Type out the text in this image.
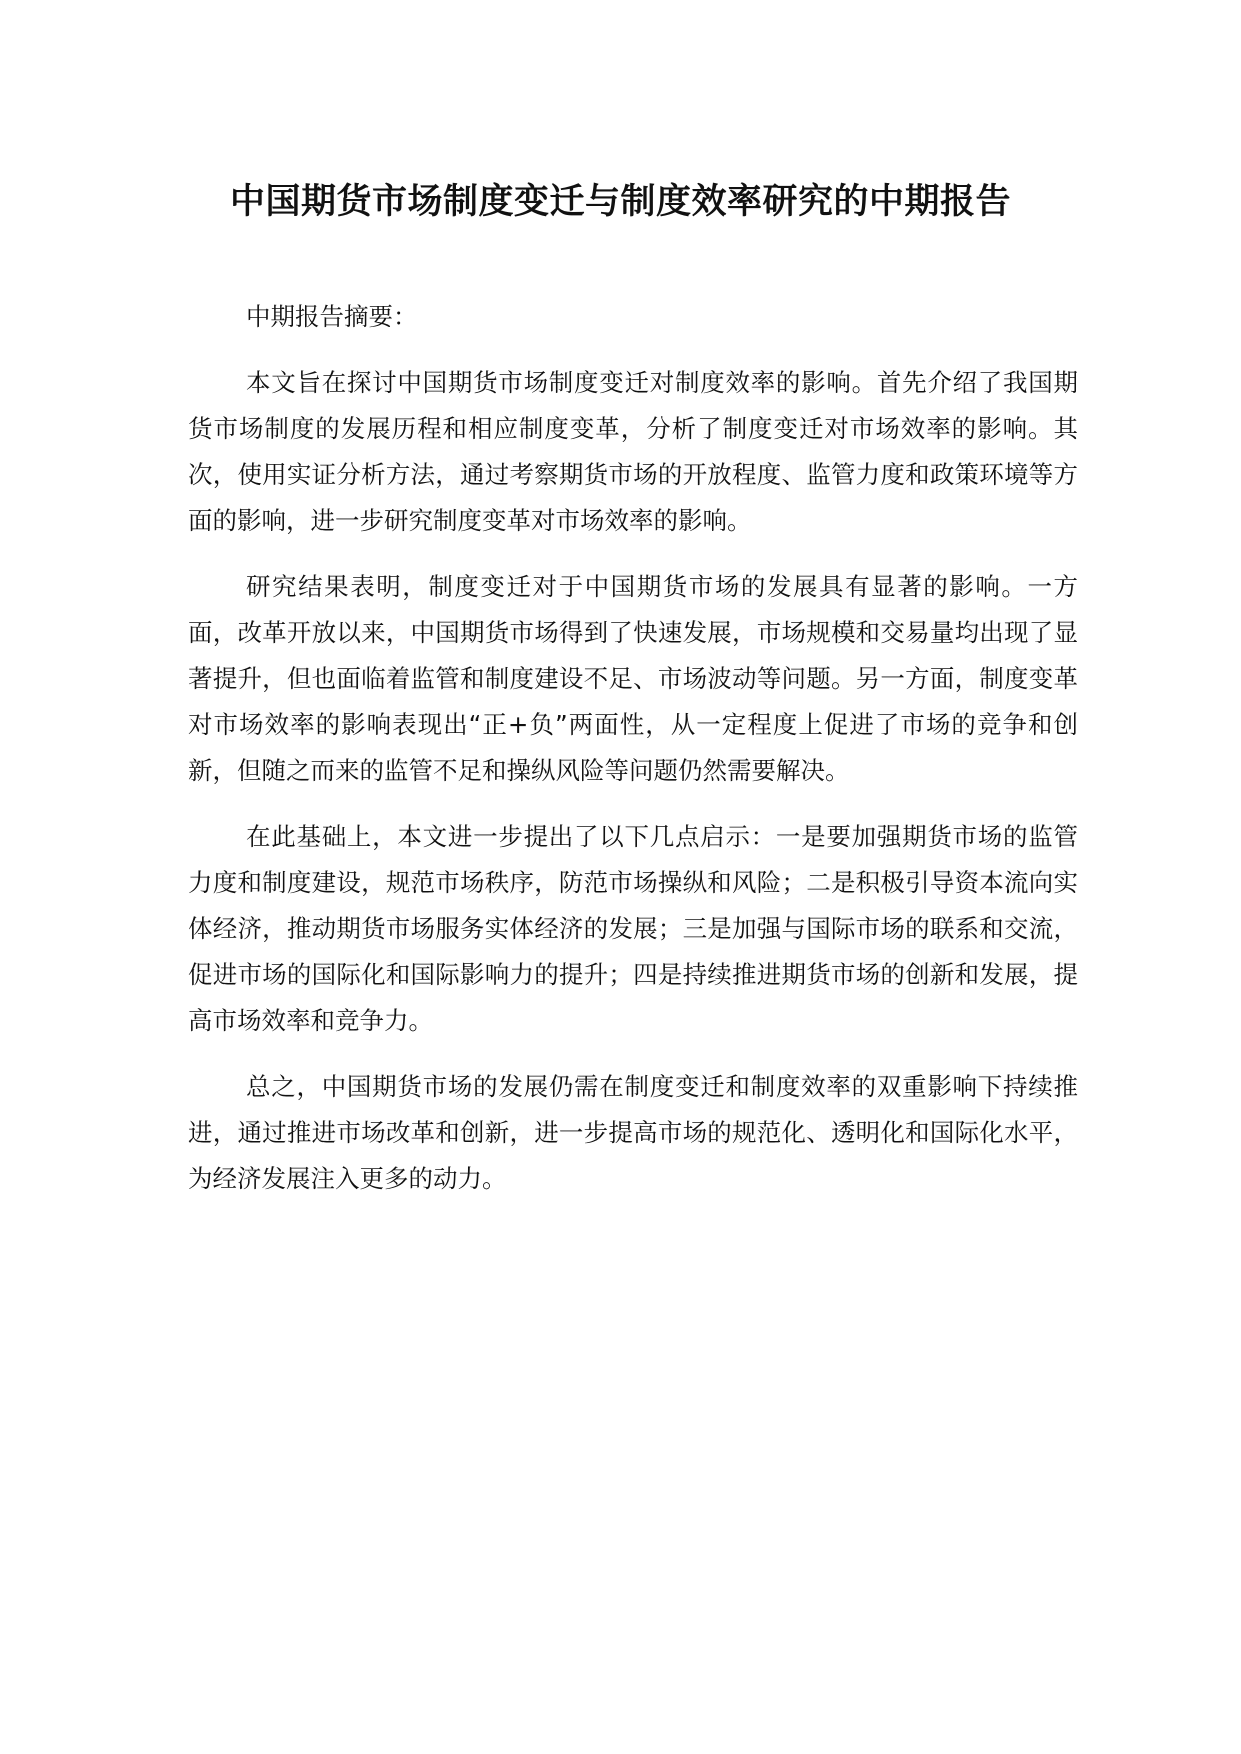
中国期货市场制度变迁与制度效率研究的中期报告

中期报告摘要：

本文旨在探讨中国期货市场制度变迁对制度效率的影响。首先介绍了我国期货市场制度的发展历程和相应制度变革，分析了制度变迁对市场效率的影响。其次，使用实证分析方法，通过考察期货市场的开放程度、监管力度和政策环境等方面的影响，进一步研究制度变革对市场效率的影响。

研究结果表明，制度变迁对于中国期货市场的发展具有显著的影响。一方面，改革开放以来，中国期货市场得到了快速发展，市场规模和交易量均出现了显著提升，但也面临着监管和制度建设不足、市场波动等问题。另一方面，制度变革对市场效率的影响表现出“正+负”两面性，从一定程度上促进了市场的竞争和创新，但随之而来的监管不足和操纵风险等问题仍然需要解决。

在此基础上，本文进一步提出了以下几点启示：一是要加强期货市场的监管力度和制度建设，规范市场秩序，防范市场操纵和风险；二是积极引导资本流向实体经济，推动期货市场服务实体经济的发展；三是加强与国际市场的联系和交流，促进市场的国际化和国际影响力的提升；四是持续推进期货市场的创新和发展，提高市场效率和竞争力。

总之，中国期货市场的发展仍需在制度变迁和制度效率的双重影响下持续推进，通过推进市场改革和创新，进一步提高市场的规范化、透明化和国际化水平，为经济发展注入更多的动力。
